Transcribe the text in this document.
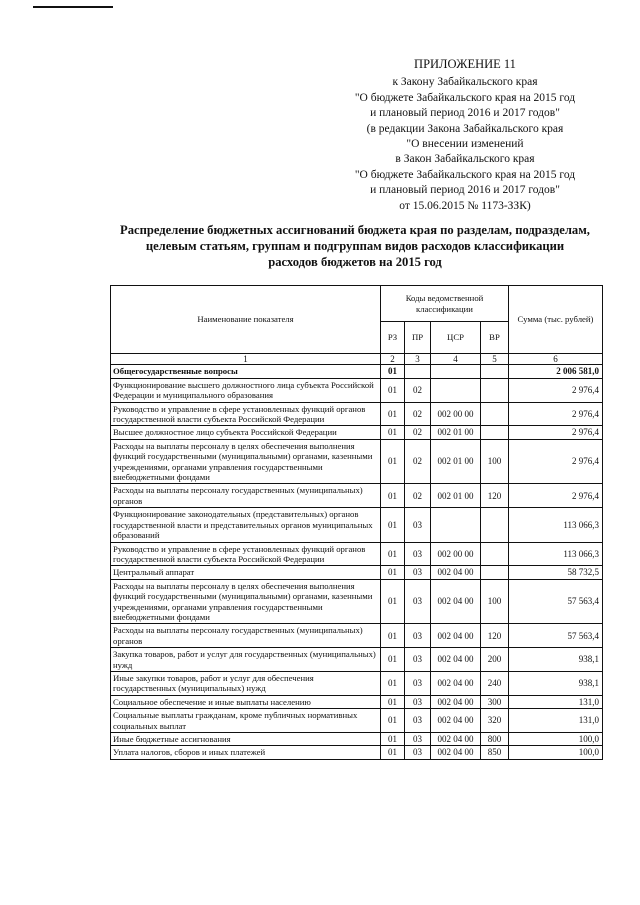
ПРИЛОЖЕНИЕ 11
к Закону Забайкальского края
"О бюджете Забайкальского края на 2015 год
и плановый период 2016 и 2017 годов"
(в редакции Закона Забайкальского края
"О внесении изменений
в Закон Забайкальского края
"О бюджете Забайкальского края на 2015 год
и плановый период 2016 и 2017 годов"
от 15.06.2015 № 1173-ЗЗК)
Распределение бюджетных ассигнований бюджета края по разделам, подразделам, целевым статьям, группам и подгруппам видов расходов классификации расходов бюджетов на 2015 год
Наименование показателя	Коды ведомственной классификации				Сумма (тыс. рублей)
	РЗ	ПР	ЦСР	ВР	
1	2	3	4	5	6
Общегосударственные вопросы	01				2 006 581,0
Функционирование высшего должностного лица субъекта Российской Федерации и муниципального образования	01	02			2 976,4
Руководство и управление в сфере установленных функций органов государственной власти субъекта Российской Федерации	01	02	002 00 00		2 976,4
Высшее должностное лицо субъекта Российской Федерации	01	02	002 01 00		2 976,4
Расходы на выплаты персоналу в целях обеспечения выполнения функций государственными (муниципальными) органами, казенными учреждениями, органами управления государственными внебюджетными фондами	01	02	002 01 00	100	2 976,4
Расходы на выплаты персоналу государственных (муниципальных) органов	01	02	002 01 00	120	2 976,4
Функционирование законодательных (представительных) органов государственной власти и представительных органов муниципальных образований	01	03			113 066,3
Руководство и управление в сфере установленных функций органов государственной власти субъекта Российской Федерации	01	03	002 00 00		113 066,3
Центральный аппарат	01	03	002 04 00		58 732,5
Расходы на выплаты персоналу в целях обеспечения выполнения функций государственными (муниципальными) органами, казенными учреждениями, органами управления государственными внебюджетными фондами	01	03	002 04 00	100	57 563,4
Расходы на выплаты персоналу государственных (муниципальных) органов	01	03	002 04 00	120	57 563,4
Закупка товаров, работ и услуг для государственных (муниципальных) нужд	01	03	002 04 00	200	938,1
Иные закупки товаров, работ и услуг для обеспечения государственных (муниципальных) нужд	01	03	002 04 00	240	938,1
Социальное обеспечение и иные выплаты населению	01	03	002 04 00	300	131,0
Социальные выплаты гражданам, кроме публичных нормативных социальных выплат	01	03	002 04 00	320	131,0
Иные бюджетные ассигнования	01	03	002 04 00	800	100,0
Уплата налогов, сборов и иных платежей	01	03	002 04 00	850	100,0
